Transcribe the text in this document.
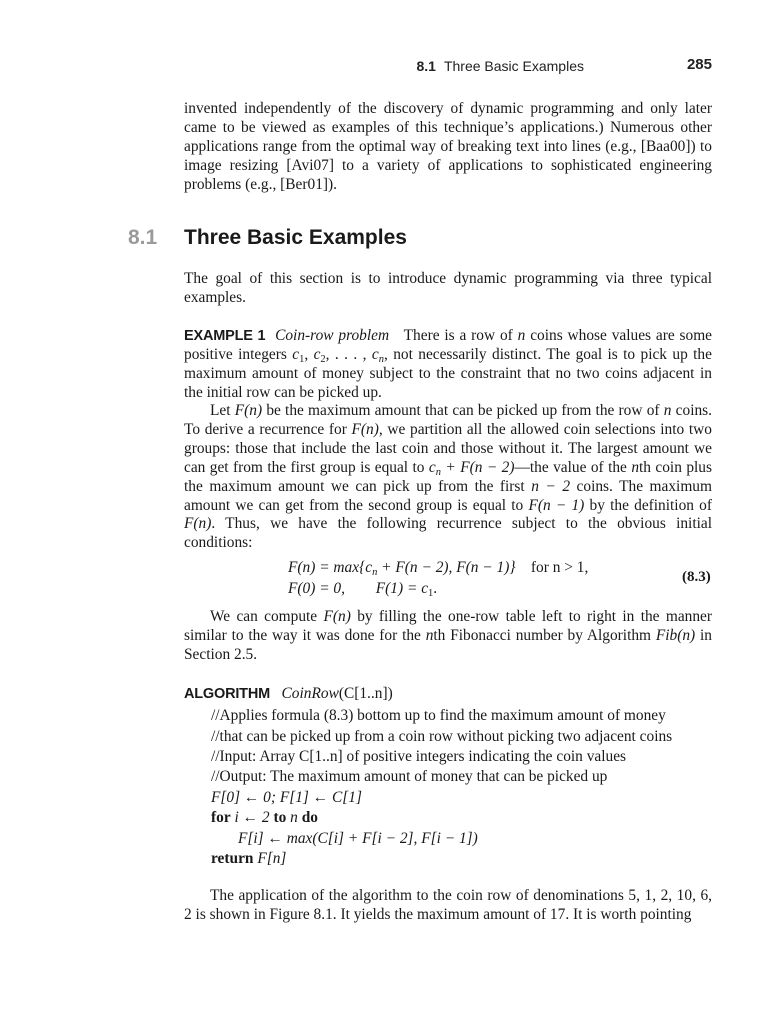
8.1 Three Basic Examples	285

invented independently of the discovery of dynamic programming and only later came to be viewed as examples of this technique’s applications.) Numerous other applications range from the optimal way of breaking text into lines (e.g., [Baa00]) to image resizing [Avi07] to a variety of applications to sophisticated engineering problems (e.g., [Ber01]).

8.1 Three Basic Examples

The goal of this section is to introduce dynamic programming via three typical examples.

EXAMPLE 1 Coin-row problem There is a row of n coins whose values are some positive integers $c_1$, $c_2$, . . . , $c_n$, not necessarily distinct. The goal is to pick up the maximum amount of money subject to the constraint that no two coins adjacent in the initial row can be picked up.

Let F(n) be the maximum amount that can be picked up from the row of n coins. To derive a recurrence for F(n), we partition all the allowed coin selections into two groups: those that include the last coin and those without it. The largest amount we can get from the first group is equal to $c_n + F(n$ − 2)—the value of the nth coin plus the maximum amount we can pick up from the first n − 2 coins. The maximum amount we can get from the second group is equal to F(n − 1) by the definition of F(n). Thus, we have the following recurrence subject to the obvious initial conditions:

$F(n) = \max\{c_n + F(n - 2)$, F(n − 1)} for n > 1,
F(0) = 0, $F(1) = c_1$.
(8.3)

We can compute F(n) by filling the one-row table left to right in the manner similar to the way it was done for the nth Fibonacci number by Algorithm Fib(n) in Section 2.5.

ALGORITHM CoinRow(C[1..n])
//Applies formula (8.3) bottom up to find the maximum amount of money
//that can be picked up from a coin row without picking two adjacent coins
//Input: Array C[1..n] of positive integers indicating the coin values
//Output: The maximum amount of money that can be picked up
F[0] ← 0; F[1] ← C[1]
for i ← 2 to n do
F[i] ← max(C[i] + F[i − 2], F[i − 1])
return F[n]

The application of the algorithm to the coin row of denominations 5, 1, 2, 10, 6, 2 is shown in Figure 8.1. It yields the maximum amount of 17. It is worth pointing
